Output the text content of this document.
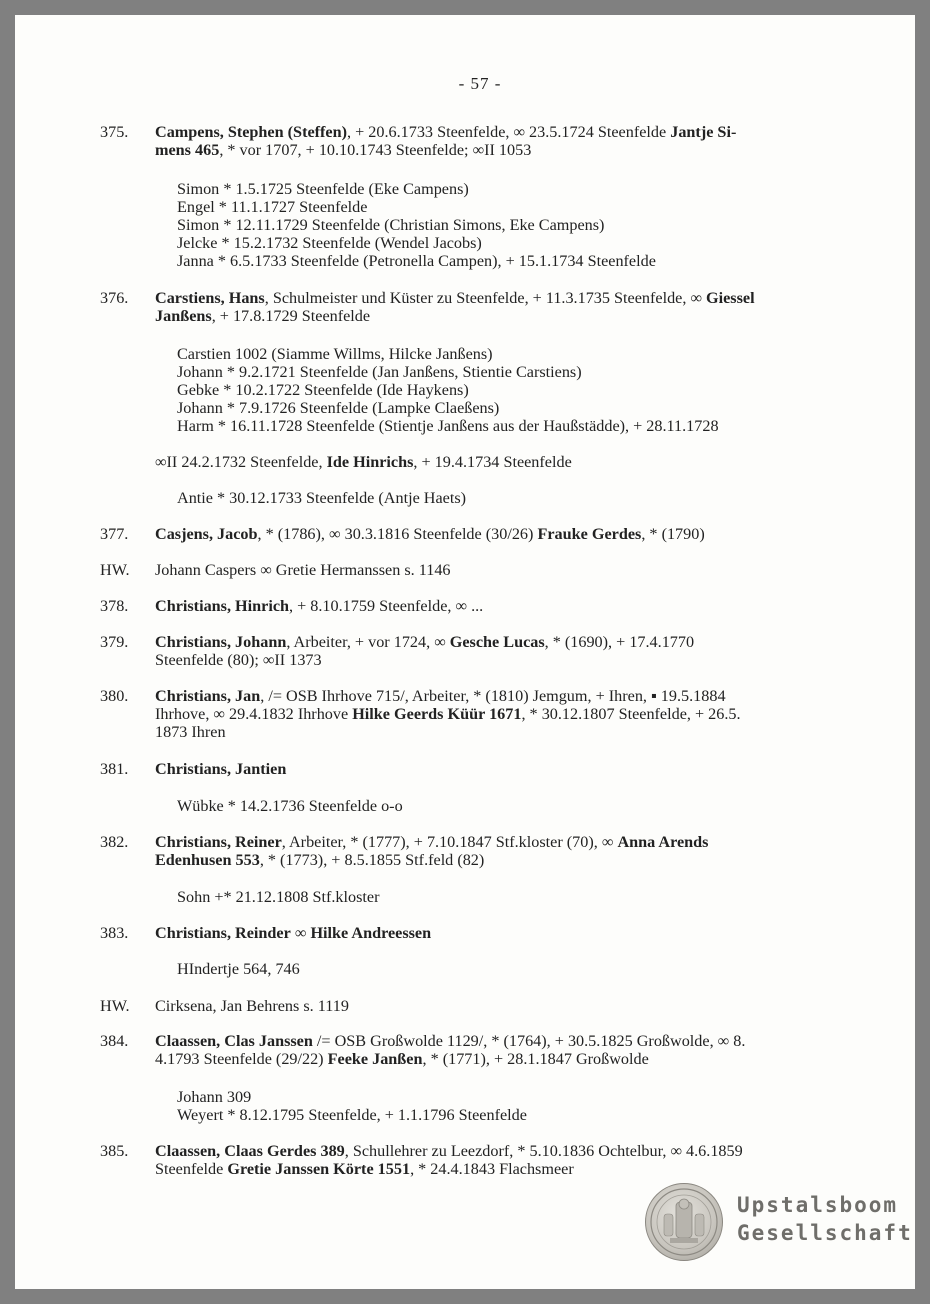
- 57 -
375.	Campens, Stephen (Steffen), + 20.6.1733 Steenfelde, ∞ 23.5.1724 Steenfelde Jantje Si-
mens 465, * vor 1707, + 10.10.1743 Steenfelde; ∞II 1053
Simon * 1.5.1725 Steenfelde (Eke Campens)
Engel * 11.1.1727 Steenfelde
Simon * 12.11.1729 Steenfelde (Christian Simons, Eke Campens)
Jelcke * 15.2.1732 Steenfelde (Wendel Jacobs)
Janna * 6.5.1733 Steenfelde (Petronella Campen), + 15.1.1734 Steenfelde
376.	Carstiens, Hans, Schulmeister und Küster zu Steenfelde, + 11.3.1735 Steenfelde, ∞ Giessel
Janßens, + 17.8.1729 Steenfelde
Carstien 1002 (Siamme Willms, Hilcke Janßens)
Johann * 9.2.1721 Steenfelde (Jan Janßens, Stientie Carstiens)
Gebke * 10.2.1722 Steenfelde (Ide Haykens)
Johann * 7.9.1726 Steenfelde (Lampke Claeßens)
Harm * 16.11.1728 Steenfelde (Stientje Janßens aus der Haußstädde), + 28.11.1728
∞II 24.2.1732 Steenfelde, Ide Hinrichs, + 19.4.1734 Steenfelde
Antie * 30.12.1733 Steenfelde (Antje Haets)
377.	Casjens, Jacob, * (1786), ∞ 30.3.1816 Steenfelde (30/26) Frauke Gerdes, * (1790)
HW.	Johann Caspers ∞ Gretie Hermanssen s. 1146
378.	Christians, Hinrich, + 8.10.1759 Steenfelde, ∞ ...
379.	Christians, Johann, Arbeiter, + vor 1724, ∞ Gesche Lucas, * (1690), + 17.4.1770
Steenfelde (80); ∞II 1373
380.	Christians, Jan, /= OSB Ihrhove 715/, Arbeiter, * (1810) Jemgum, + Ihren, ▪ 19.5.1884
Ihrhove, ∞ 29.4.1832 Ihrhove Hilke Geerds Küür 1671, * 30.12.1807 Steenfelde, + 26.5.
1873 Ihren
381.	Christians, Jantien
Wübke * 14.2.1736 Steenfelde o-o
382.	Christians, Reiner, Arbeiter, * (1777), + 7.10.1847 Stf.kloster (70), ∞ Anna Arends
Edenhusen 553, * (1773), + 8.5.1855 Stf.feld (82)
Sohn +* 21.12.1808 Stf.kloster
383.	Christians, Reinder ∞ Hilke Andreessen
HIndertje 564, 746
HW.	Cirksena, Jan Behrens s. 1119
384.	Claassen, Clas Janssen /= OSB Großwolde 1129/, * (1764), + 30.5.1825 Großwolde, ∞ 8.
4.1793 Steenfelde (29/22) Feeke Janßen, * (1771), + 28.1.1847 Großwolde
Johann 309
Weyert * 8.12.1795 Steenfelde, + 1.1.1796 Steenfelde
385.	Claassen, Claas Gerdes 389, Schullehrer zu Leezdorf, * 5.10.1836 Ochtelbur, ∞ 4.6.1859
Steenfelde Gretie Janssen Körte 1551, * 24.4.1843 Flachsmeer
Upstalsboom
Gesellschaft
